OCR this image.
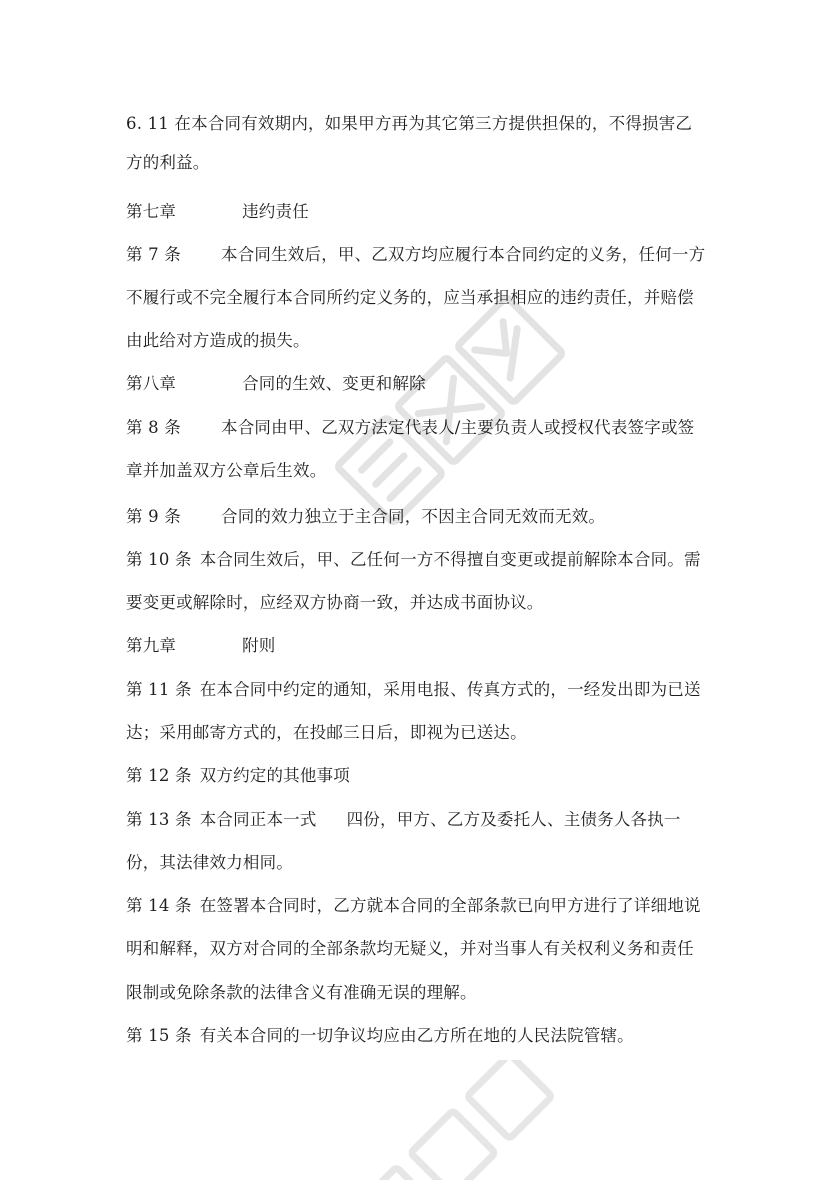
6. 11 在本合同有效期内，如果甲方再为其它第三方提供担保的，不得损害乙
方的利益。
第七章	违约责任
第 7 条 本合同生效后，甲、乙双方均应履行本合同约定的义务，任何一方
不履行或不完全履行本合同所约定义务的，应当承担相应的违约责任，并赔偿
由此给对方造成的损失。
第八章	合同的生效、变更和解除
第 8 条 本合同由甲、乙双方法定代表人/主要负责人或授权代表签字或签
章并加盖双方公章后生效。
第 9 条 合同的效力独立于主合同，不因主合同无效而无效。
第 10 条 本合同生效后，甲、乙任何一方不得擅自变更或提前解除本合同。需
要变更或解除时，应经双方协商一致，并达成书面协议。
第九章	附则
第 11 条 在本合同中约定的通知，采用电报、传真方式的，一经发出即为已送
达；采用邮寄方式的，在投邮三日后，即视为已送达。
第 12 条 双方约定的其他事项
第 13 条 本合同正本一式 四份，甲方、乙方及委托人、主债务人各执一
份，其法律效力相同。
第 14 条 在签署本合同时，乙方就本合同的全部条款已向甲方进行了详细地说
明和解释，双方对合同的全部条款均无疑义，并对当事人有关权利义务和责任
限制或免除条款的法律含义有准确无误的理解。
第 15 条 有关本合同的一切争议均应由乙方所在地的人民法院管辖。
